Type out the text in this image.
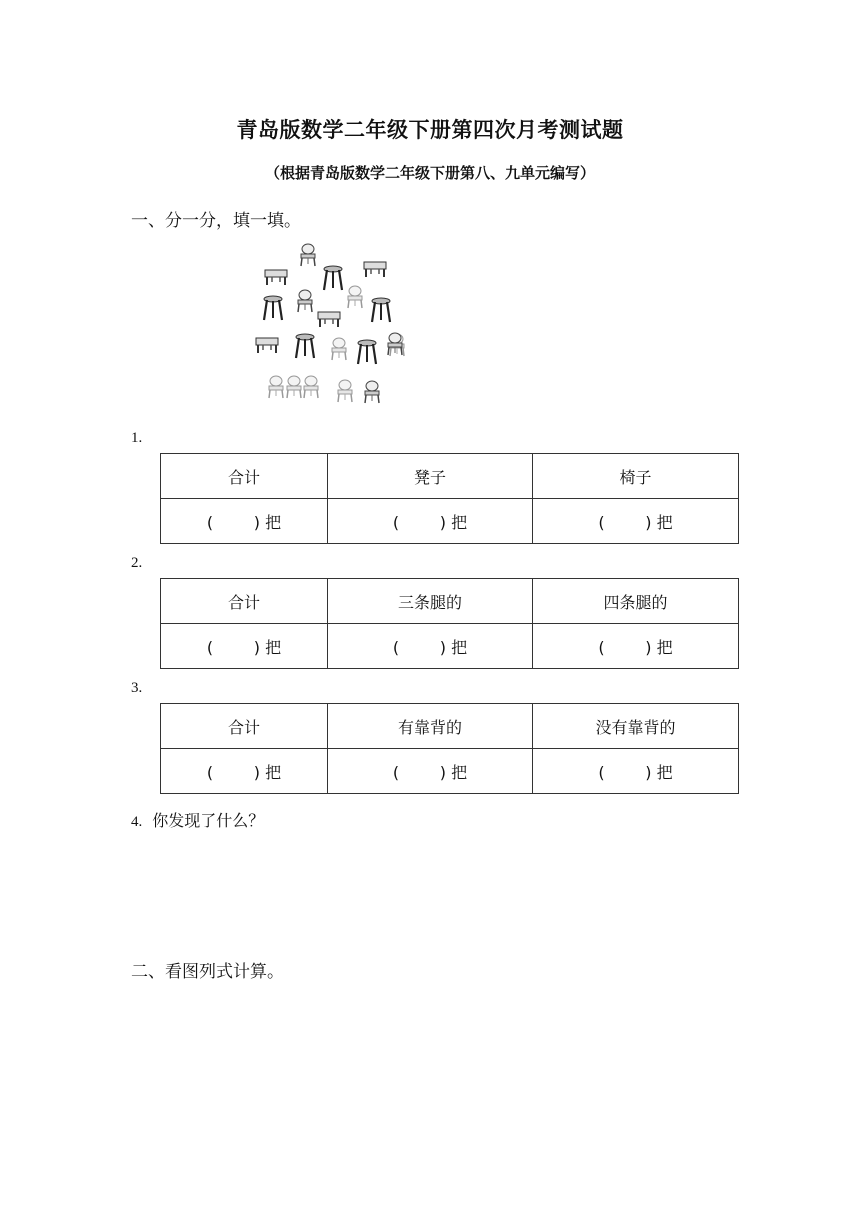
青岛版数学二年级下册第四次月考测试题
（根据青岛版数学二年级下册第八、九单元编写）
一、分一分，填一填。
1.
合计	凳子	椅子
(        ) 把	(        ) 把	(        ) 把
2.
合计	三条腿的	四条腿的
(        ) 把	(        ) 把	(        ) 把
3.
合计	有靠背的	没有靠背的
(        ) 把	(        ) 把	(        ) 把
4. 你发现了什么？
二、看图列式计算。
